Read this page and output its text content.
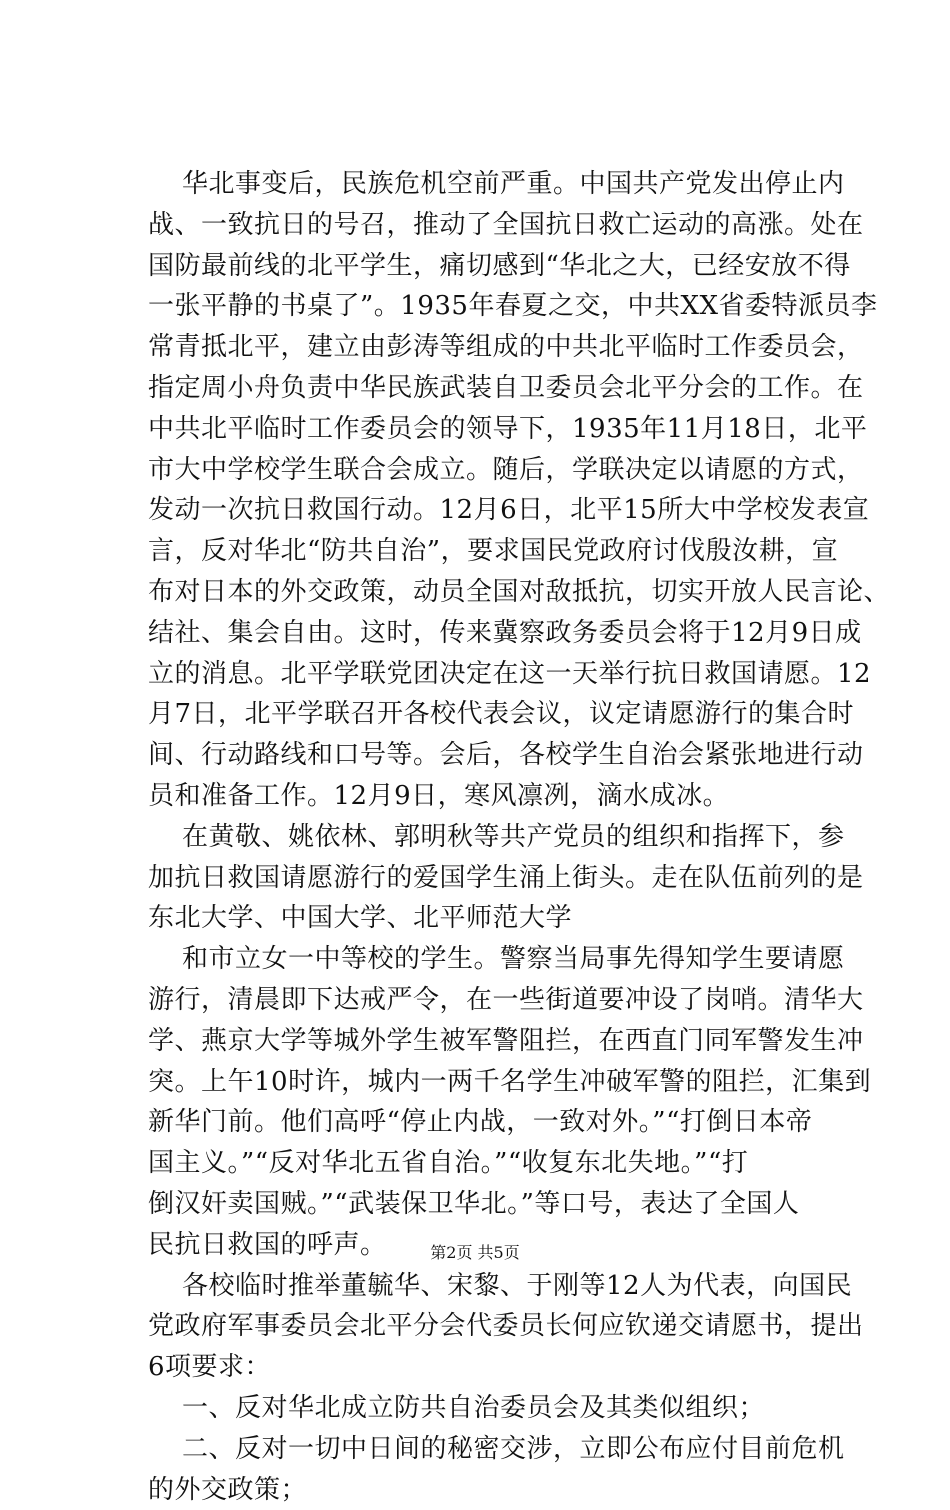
华北事变后，民族危机空前严重。中国共产党发出停止内
战、一致抗日的号召，推动了全国抗日救亡运动的高涨。处在
国防最前线的北平学生，痛切感到“华北之大，已经安放不得
一张平静的书桌了”。1935年春夏之交，中共XX省委特派员李
常青抵北平，建立由彭涛等组成的中共北平临时工作委员会，
指定周小舟负责中华民族武装自卫委员会北平分会的工作。在
中共北平临时工作委员会的领导下，1935年11月18日，北平
市大中学校学生联合会成立。随后，学联决定以请愿的方式，
发动一次抗日救国行动。12月6日，北平15所大中学校发表宣
言，反对华北“防共自治”，要求国民党政府讨伐殷汝耕，宣
布对日本的外交政策，动员全国对敌抵抗，切实开放人民言论、
结社、集会自由。这时，传来冀察政务委员会将于12月9日成
立的消息。北平学联党团决定在这一天举行抗日救国请愿。12
月7日，北平学联召开各校代表会议，议定请愿游行的集合时
间、行动路线和口号等。会后，各校学生自治会紧张地进行动
员和准备工作。12月9日，寒风凛冽，滴水成冰。
在黄敬、姚依林、郭明秋等共产党员的组织和指挥下，参
加抗日救国请愿游行的爱国学生涌上街头。走在队伍前列的是
东北大学、中国大学、北平师范大学
和市立女一中等校的学生。警察当局事先得知学生要请愿
游行，清晨即下达戒严令，在一些街道要冲设了岗哨。清华大
学、燕京大学等城外学生被军警阻拦，在西直门同军警发生冲
突。上午10时许，城内一两千名学生冲破军警的阻拦，汇集到
新华门前。他们高呼“停止内战，一致对外。”“打倒日本帝
国主义。”“反对华北五省自治。”“收复东北失地。”“打
倒汉奸卖国贼。”“武装保卫华北。”等口号，表达了全国人
民抗日救国的呼声。
各校临时推举董毓华、宋黎、于刚等12人为代表，向国民
党政府军事委员会北平分会代委员长何应钦递交请愿书，提出
6项要求：
一、反对华北成立防共自治委员会及其类似组织；
二、反对一切中日间的秘密交涉，立即公布应付目前危机
的外交政策；
第2页 共5页
